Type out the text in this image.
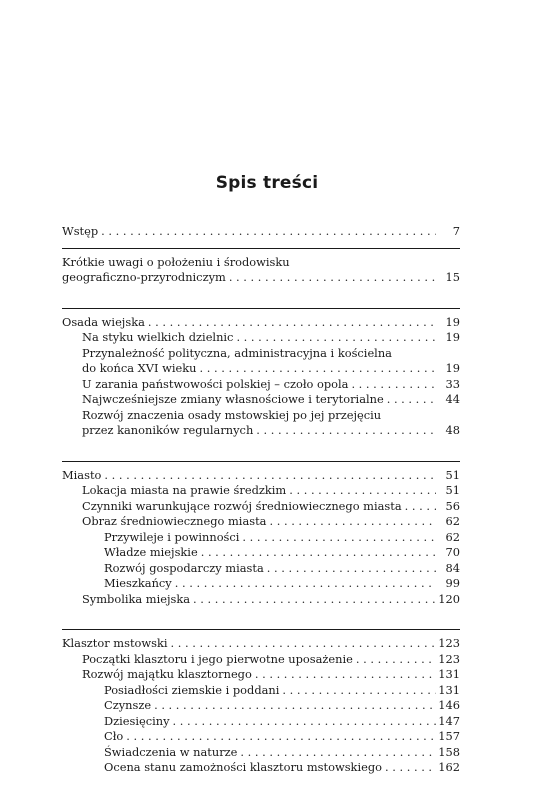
Spis treści
Wstęp . . .	7
Krótkie uwagi o położeniu i środowisku
geograficzno-przyrodniczym . . .	15
Osada wiejska . . .	19
Na styku wielkich dzielnic . . .	19
Przynależność polityczna, administracyjna i kościelna
do końca XVI wieku . . .	19
U zarania państwowości polskiej – czoło opola . . .	33
Najwcześniejsze zmiany własnościowe i terytorialne . . .	44
Rozwój znaczenia osady mstowskiej po jej przejęciu
przez kanoników regularnych . . .	48
Miasto . . .	51
Lokacja miasta na prawie średzkim . . .	51
Czynniki warunkujące rozwój średniowiecznego miasta . . .	56
Obraz średniowiecznego miasta . . .	62
Przywileje i powinności . . .	62
Władze miejskie . . .	70
Rozwój gospodarczy miasta . . .	84
Mieszkańcy . . .	99
Symbolika miejska . . .	120
Klasztor mstowski . . .	123
Początki klasztoru i jego pierwotne uposażenie . . .	123
Rozwój majątku klasztornego . . .	131
Posiadłości ziemskie i poddani . . .	131
Czynsze . . .	146
Dziesięciny . . .	147
Cło . . .	157
Świadczenia w naturze . . .	158
Ocena stanu zamożności klasztoru mstowskiego . . .	162
